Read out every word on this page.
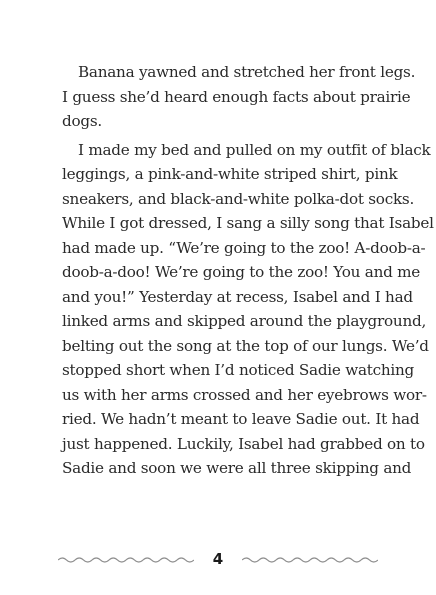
Banana yawned and stretched her front legs.
I guess she’d heard enough facts about prairie
dogs.
I made my bed and pulled on my outfit of black
leggings, a pink-and-white striped shirt, pink
sneakers, and black-and-white polka-dot socks.
While I got dressed, I sang a silly song that Isabel
had made up. “We’re going to the zoo! A-doob-a-
doob-a-doo! We’re going to the zoo! You and me
and you!” Yesterday at recess, Isabel and I had
linked arms and skipped around the playground,
belting out the song at the top of our lungs. We’d
stopped short when I’d noticed Sadie watching
us with her arms crossed and her eyebrows wor-
ried. We hadn’t meant to leave Sadie out. It had
just happened. Luckily, Isabel had grabbed on to
Sadie and soon we were all three skipping and
4
